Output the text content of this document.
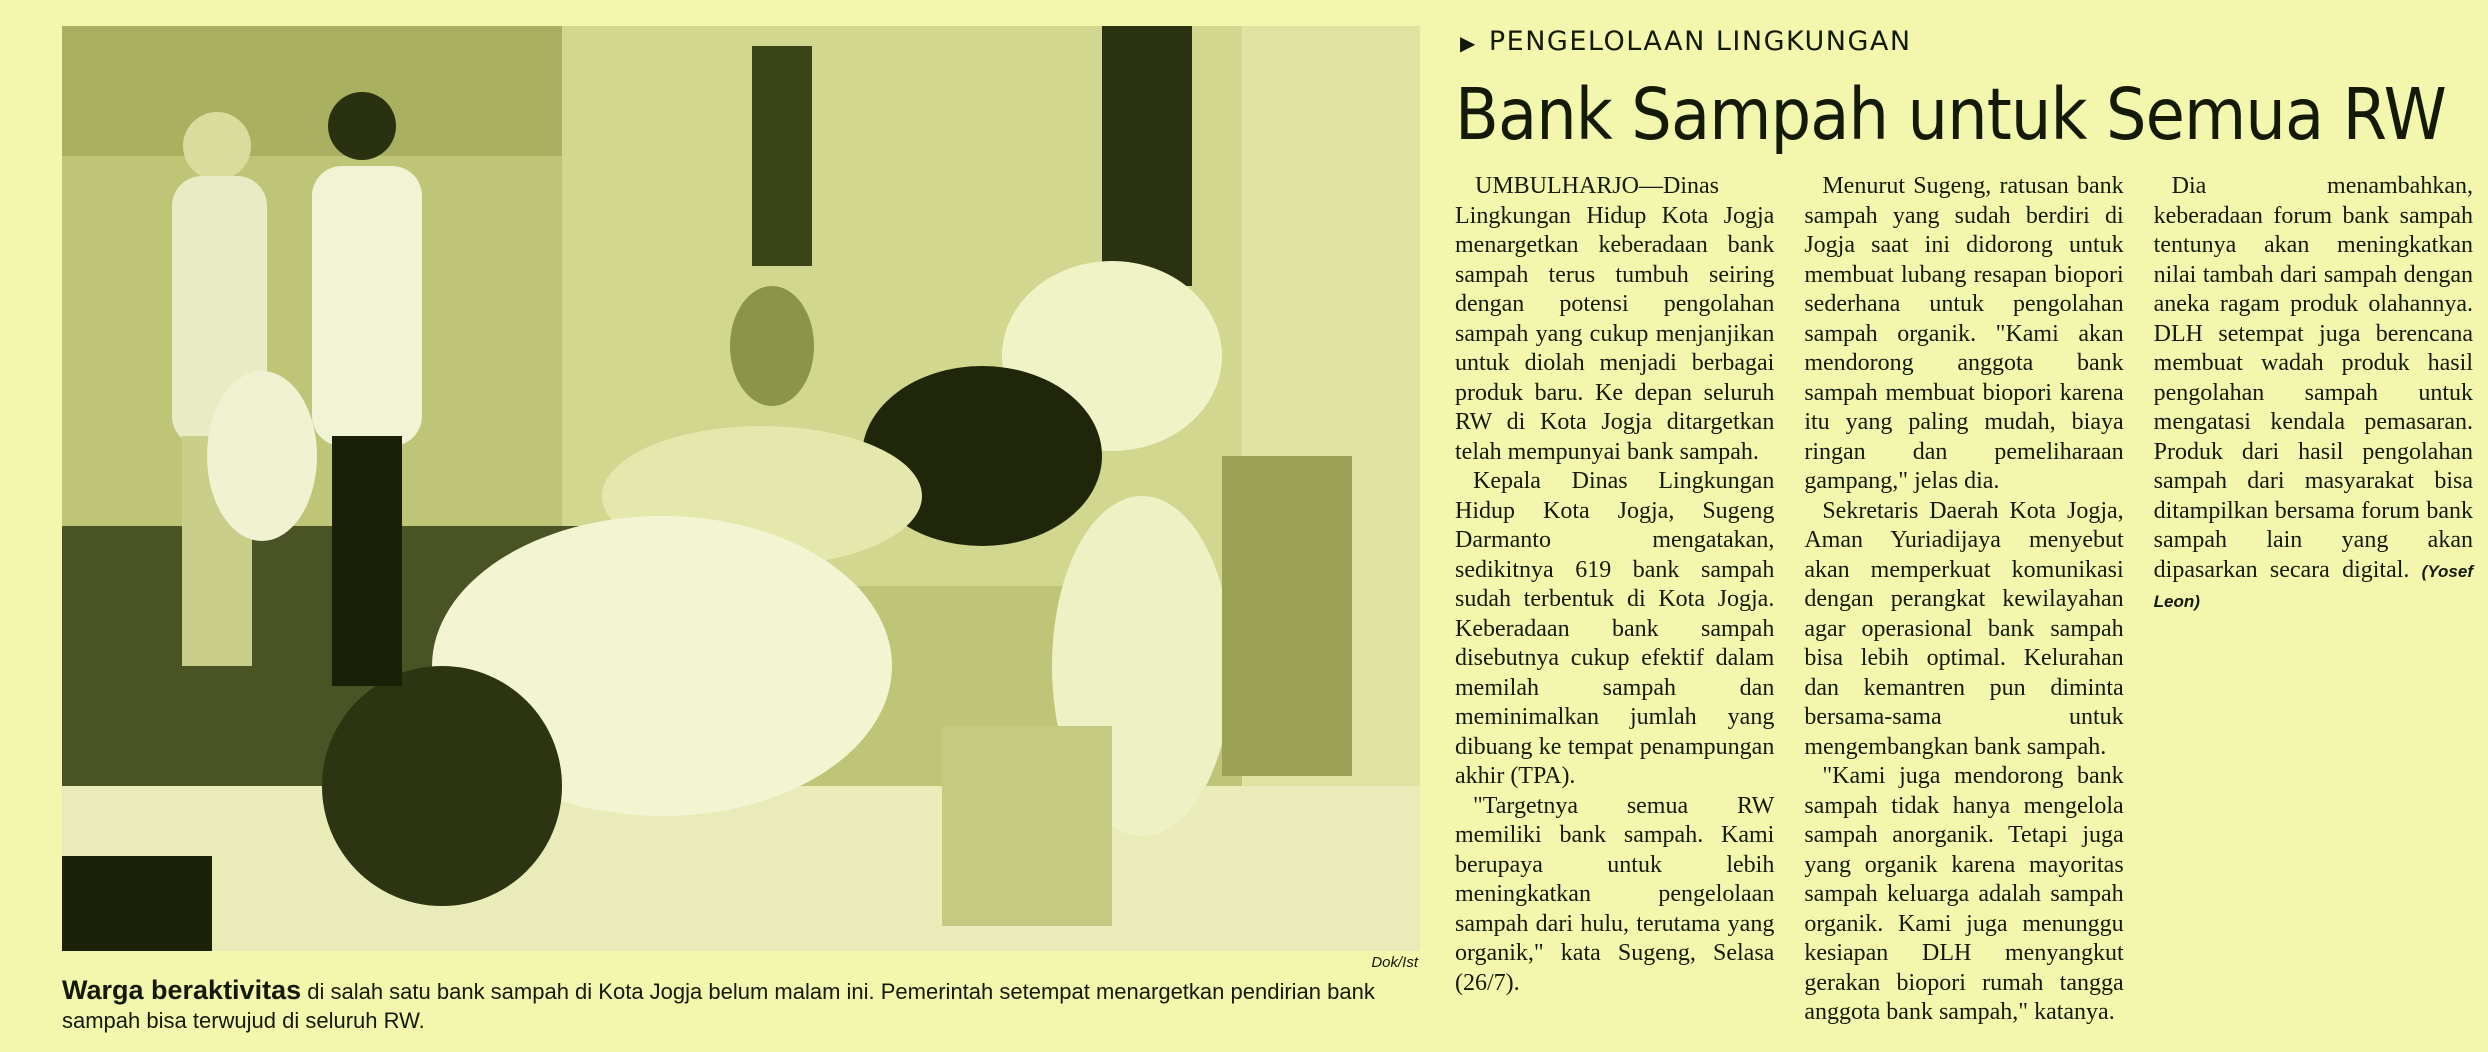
Dok/Ist
Warga beraktivitas di salah satu bank sampah di Kota Jogja belum malam ini. Pemerintah setempat menargetkan pendirian bank sampah bisa terwujud di seluruh RW.
▶ PENGELOLAAN LINGKUNGAN
Bank Sampah untuk Semua RW

UMBULHARJO—Dinas Lingkungan Hidup Kota Jogja menargetkan keberadaan bank sampah terus tumbuh seiring dengan potensi pengolahan sampah yang cukup menjanjikan untuk diolah menjadi berbagai produk baru. Ke depan seluruh RW di Kota Jogja ditargetkan telah mempunyai bank sampah.

Kepala Dinas Lingkungan Hidup Kota Jogja, Sugeng Darmanto mengatakan, sedikitnya 619 bank sampah sudah terbentuk di Kota Jogja. Keberadaan bank sampah disebutnya cukup efektif dalam memilah sampah dan meminimalkan jumlah yang dibuang ke tempat penampungan akhir (TPA).

"Targetnya semua RW memiliki bank sampah. Kami berupaya untuk lebih meningkatkan pengelolaan sampah dari hulu, terutama yang organik," kata Sugeng, Selasa (26/7).

Menurut Sugeng, ratusan bank sampah yang sudah berdiri di Jogja saat ini didorong untuk membuat lubang resapan biopori sederhana untuk pengolahan sampah organik. "Kami akan mendorong anggota bank sampah membuat biopori karena itu yang paling mudah, biaya ringan dan pemeliharaan gampang," jelas dia.

Sekretaris Daerah Kota Jogja, Aman Yuriadijaya menyebut akan memperkuat komunikasi dengan perangkat kewilayahan agar operasional bank sampah bisa lebih optimal. Kelurahan dan kemantren pun diminta bersama-sama untuk mengembangkan bank sampah.

"Kami juga mendorong bank sampah tidak hanya mengelola sampah anorganik. Tetapi juga yang organik karena mayoritas sampah keluarga adalah sampah organik. Kami juga menunggu kesiapan DLH menyangkut gerakan biopori rumah tangga anggota bank sampah," katanya.

Dia menambahkan, keberadaan forum bank sampah tentunya akan meningkatkan nilai tambah dari sampah dengan aneka ragam produk olahannya. DLH setempat juga berencana membuat wadah produk hasil pengolahan sampah untuk mengatasi kendala pemasaran. Produk dari hasil pengolahan sampah dari masyarakat bisa ditampilkan bersama forum bank sampah lain yang akan dipasarkan secara digital. (Yosef Leon)
